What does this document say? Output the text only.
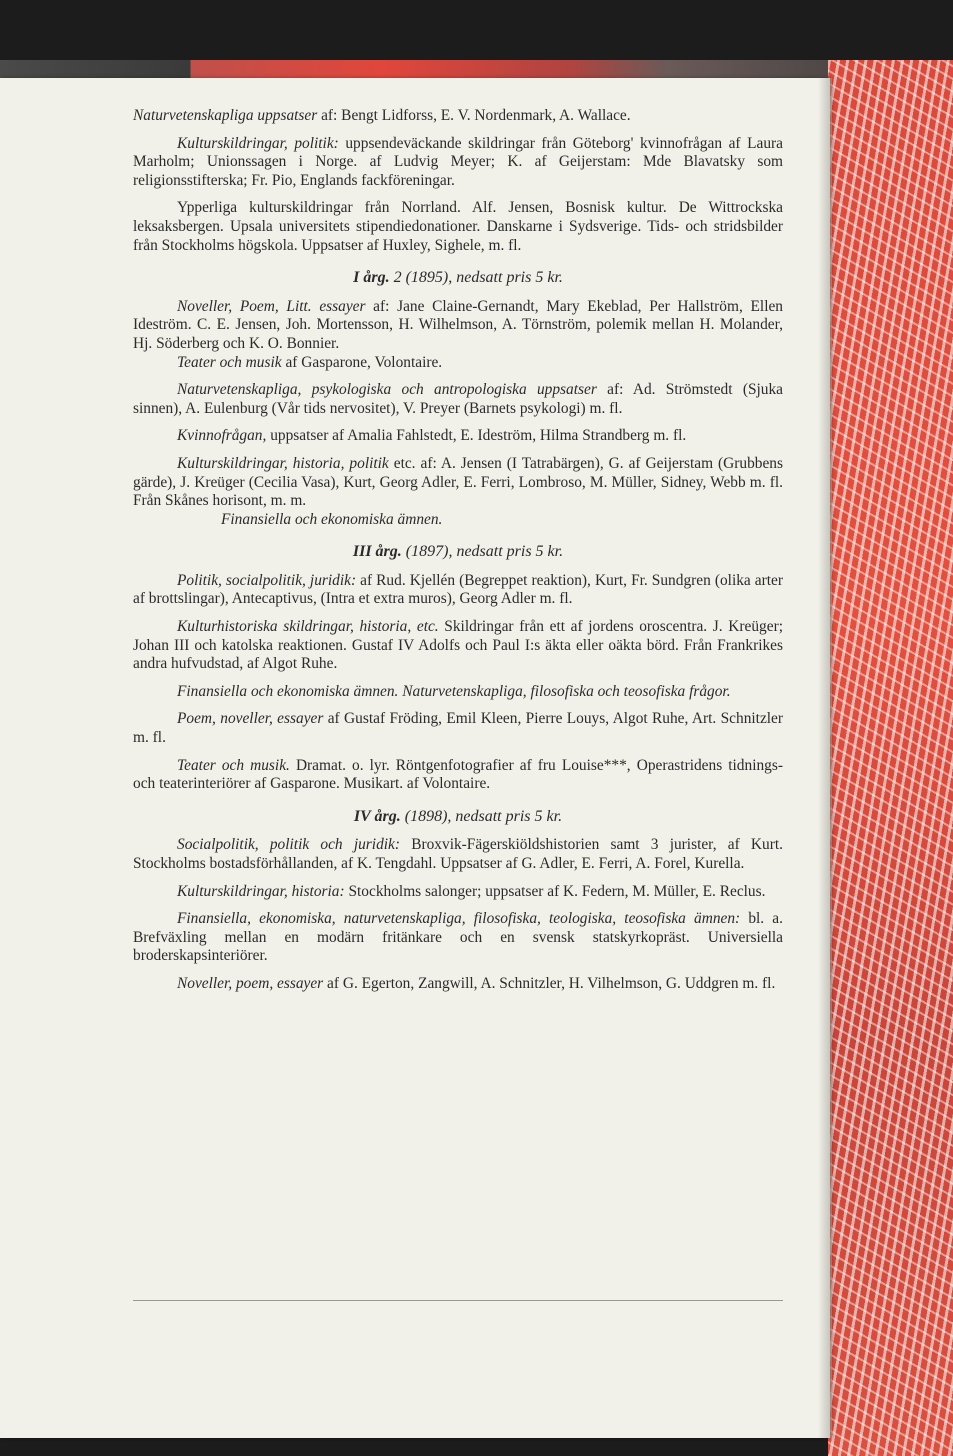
Naturvetenskapliga uppsatser af: Bengt Lidforss, E. V. Nordenmark, A. Wallace.

Kulturskildringar, politik: uppsendeväckande skildringar från Göteborg' kvinnofrågan af Laura Marholm; Unionssagen i Norge. af Ludvig Meyer; K. af Geijerstam: Mde Blavatsky som religionsstifterska; Fr. Pio, Englands fackföreningar.

Ypperliga kulturskildringar från Norrland. Alf. Jensen, Bosnisk kultur. De Wittrockska leksaksbergen. Upsala universitets stipendiedonationer. Danskarne i Sydsverige. Tids- och stridsbilder från Stockholms högskola. Uppsatser af Huxley, Sighele, m. fl.

I årg. 2 (1895), nedsatt pris 5 kr.

Noveller, Poem, Litt. essayer af: Jane Claine-Gernandt, Mary Ekeblad, Per Hallström, Ellen Ideström. C. E. Jensen, Joh. Mortensson, H. Wilhelmson, A. Törnström, polemik mellan H. Molander, Hj. Söderberg och K. O. Bonnier.
Teater och musik af Gasparone, Volontaire.

Naturvetenskapliga, psykologiska och antropologiska uppsatser af: Ad. Strömstedt (Sjuka sinnen), A. Eulenburg (Vår tids nervositet), V. Preyer (Barnets psykologi) m. fl.

Kvinnofrågan, uppsatser af Amalia Fahlstedt, E. Ideström, Hilma Strandberg m. fl.

Kulturskildringar, historia, politik etc. af: A. Jensen (I Tatrabärgen), G. af Geijerstam (Grubbens gärde), J. Kreüger (Cecilia Vasa), Kurt, Georg Adler, E. Ferri, Lombroso, M. Müller, Sidney, Webb m. fl. Från Skånes horisont, m. m.
Finansiella och ekonomiska ämnen.

III årg. (1897), nedsatt pris 5 kr.

Politik, socialpolitik, juridik: af Rud. Kjellén (Begreppet reaktion), Kurt, Fr. Sundgren (olika arter af brottslingar), Antecaptivus, (Intra et extra muros), Georg Adler m. fl.

Kulturhistoriska skildringar, historia, etc. Skildringar från ett af jordens oroscentra. J. Kreüger; Johan III och katolska reaktionen. Gustaf IV Adolfs och Paul I:s äkta eller oäkta börd. Från Frankrikes andra hufvudstad, af Algot Ruhe.

Finansiella och ekonomiska ämnen. Naturvetenskapliga, filosofiska och teosofiska frågor.

Poem, noveller, essayer af Gustaf Fröding, Emil Kleen, Pierre Louys, Algot Ruhe, Art. Schnitzler m. fl.

Teater och musik. Dramat. o. lyr. Röntgenfotografier af fru Louise***, Operastridens tidnings- och teaterinteriörer af Gasparone. Musikart. af Volontaire.

IV årg. (1898), nedsatt pris 5 kr.

Socialpolitik, politik och juridik: Broxvik-Fägerskiöldshistorien samt 3 jurister, af Kurt. Stockholms bostadsförhållanden, af K. Tengdahl. Uppsatser af G. Adler, E. Ferri, A. Forel, Kurella.

Kulturskildringar, historia: Stockholms salonger; uppsatser af K. Federn, M. Müller, E. Reclus.

Finansiella, ekonomiska, naturvetenskapliga, filosofiska, teologiska, teosofiska ämnen: bl. a. Brefväxling mellan en modärn fritänkare och en svensk statskyrkopräst. Universiella broderskapsinteriörer.

Noveller, poem, essayer af G. Egerton, Zangwill, A. Schnitzler, H. Vilhelmson, G. Uddgren m. fl.
